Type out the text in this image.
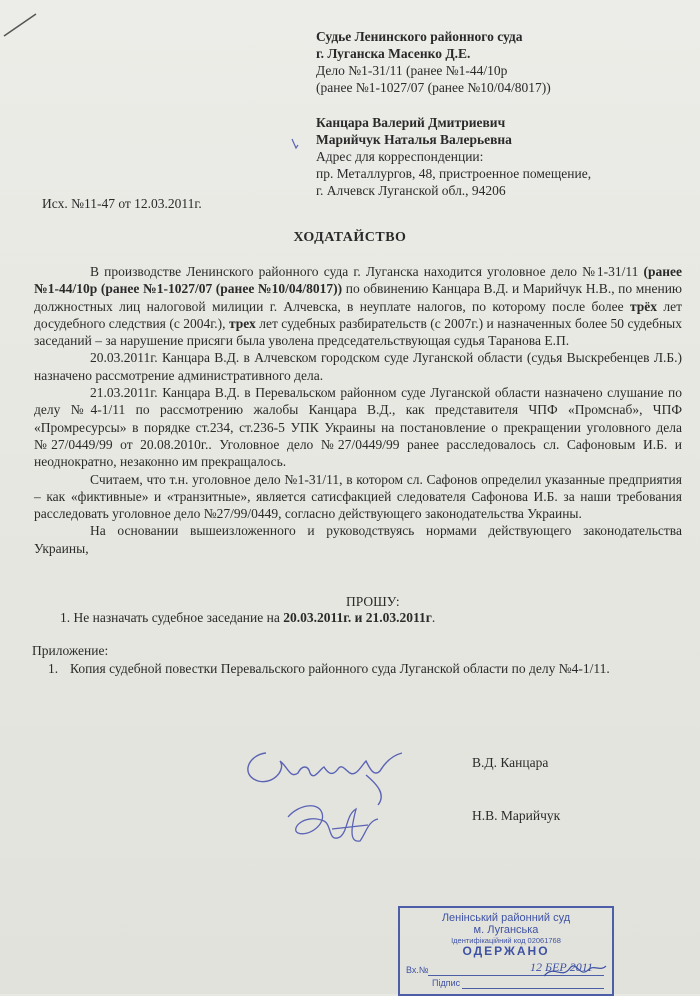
Судье Ленинского районного суда
г. Луганска Масенко Д.Е.
Дело №1-31/11 (ранее №1-44/10р
(ранее №1-1027/07 (ранее №10/04/8017))
Канцара Валерий Дмитриевич
Марийчук Наталья Валерьевна
Адрес для корреспонденции:
пр. Металлургов, 48, пристроенное помещение,
г. Алчевск Луганской обл., 94206
Исх. №11-47 от 12.03.2011г.
ХОДАТАЙСТВО

В производстве Ленинского районного суда г. Луганска находится уголовное дело №1-31/11 (ранее №1-44/10р (ранее №1-1027/07 (ранее №10/04/8017)) по обвинению Канцара В.Д. и Марийчук Н.В., по мнению должностных лиц налоговой милиции г. Алчевска, в неуплате налогов, по которому после более трёх лет досудебного следствия (с 2004г.), трех лет судебных разбирательств (с 2007г.) и назначенных более 50 судебных заседаний – за нарушение присяги была уволена председательствующая судья Таранова Е.П.

20.03.2011г. Канцара В.Д. в Алчевском городском суде Луганской области (судья Выскребенцев Л.Б.) назначено рассмотрение административного дела.

21.03.2011г. Канцара В.Д. в Перевальском районном суде Луганской области назначено слушание по делу №4-1/11 по рассмотрению жалобы Канцара В.Д., как представителя ЧПФ «Промснаб», ЧПФ «Промресурсы» в порядке ст.234, ст.236-5 УПК Украины на постановление о прекращении уголовного дела №27/0449/99 от 20.08.2010г.. Уголовное дело №27/0449/99 ранее расследовалось сл. Сафоновым И.Б. и неоднократно, незаконно им прекращалось.

Считаем, что т.н. уголовное дело №1-31/11, в котором сл. Сафонов определил указанные предприятия – как «фиктивные» и «транзитные», является сатисфакцией следователя Сафонова И.Б. за наши требования расследовать уголовное дело №27/99/0449, согласно действующего законодательства Украины.

На основании вышеизложенного и руководствуясь нормами действующего законодательства Украины,

ПРОШУ:
1. Не назначать судебное заседание на 20.03.2011г. и 21.03.2011г.
Приложение:
1. Копия судебной повестки Перевальского районного суда Луганской области по делу №4-1/11.
В.Д. Канцара
Н.В. Марийчук
Ленінський районний суд
м. Луганська
Ідентифікаційний код 02061768
ОДЕРЖАНО
Вх.№	12 БЕР 2011
Підпис
